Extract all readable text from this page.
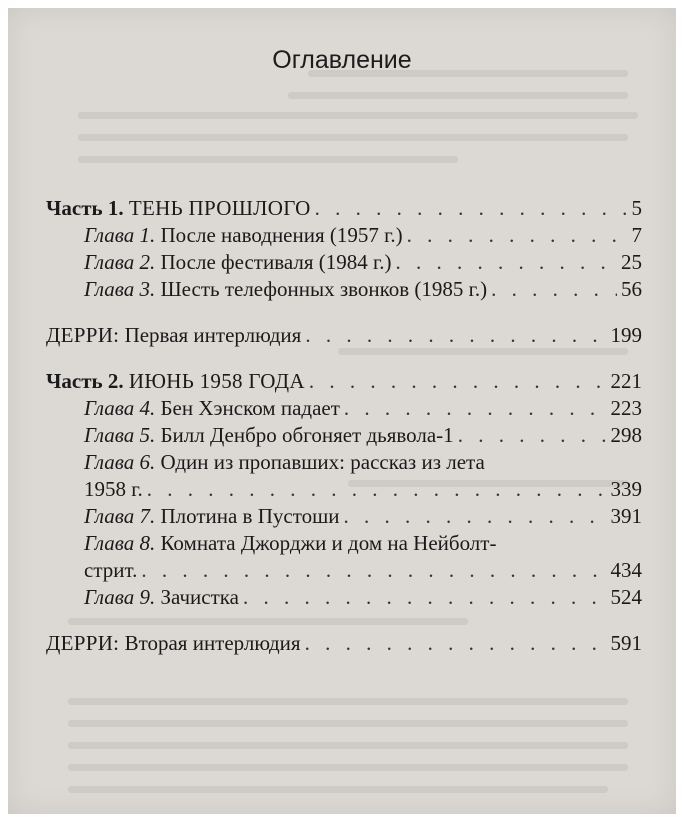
Оглавление
Часть 1. ТЕНЬ ПРОШЛОГО . . .	5
Глава 1. После наводнения (1957 г.) . . .	7
Глава 2. После фестиваля (1984 г.) . . .	25
Глава 3. Шесть телефонных звонков (1985 г.) . . .	56
ДЕРРИ: Первая интерлюдия . . .	199
Часть 2. ИЮНЬ 1958 ГОДА . . .	221
Глава 4. Бен Хэнском падает . . .	223
Глава 5. Билл Денбро обгоняет дьявола-1 . . .	298
Глава 6. Один из пропавших: рассказ из лета
1958 г. . . .	339
Глава 7. Плотина в Пустоши . . .	391
Глава 8. Комната Джорджи и дом на Нейболт-
стрит. . . .	434
Глава 9. Зачистка . . .	524
ДЕРРИ: Вторая интерлюдия . . .	591
